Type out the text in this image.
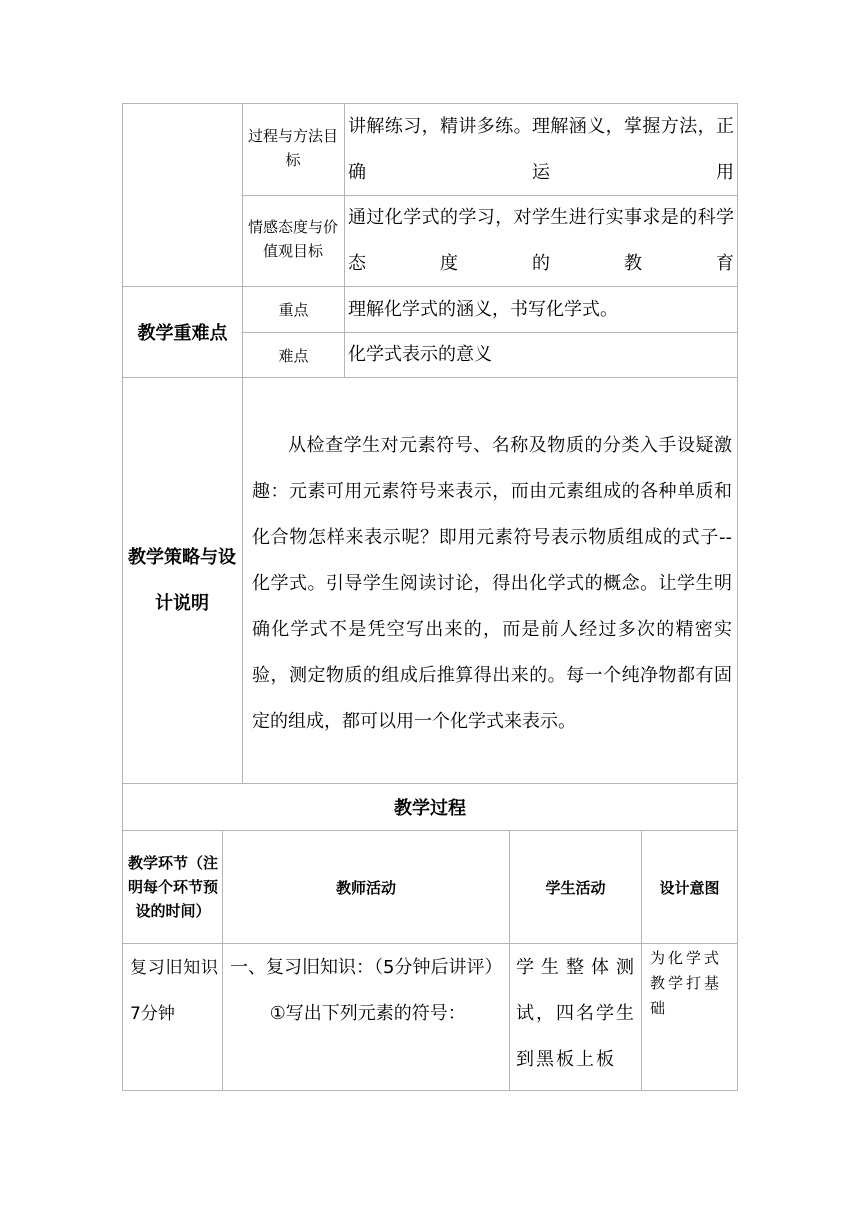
过程与方法目标
讲解练习，精讲多练。理解涵义，掌握方法，正确运用
情感态度与价值观目标
通过化学式的学习，对学生进行实事求是的科学态度的教育
教学重难点
重点 理解化学式的涵义，书写化学式。
难点 化学式表示的意义
教学策略与设计说明
从检查学生对元素符号、名称及物质的分类入手设疑激趣：元素可用元素符号来表示，而由元素组成的各种单质和化合物怎样来表示呢？即用元素符号表示物质组成的式子--化学式。引导学生阅读讨论，得出化学式的概念。让学生明确化学式不是凭空写出来的，而是前人经过多次的精密实验，测定物质的组成后推算得出来的。每一个纯净物都有固定的组成，都可以用一个化学式来表示。
教学过程
教学环节（注明每个环节预设的时间）
教师活动	学生活动	设计意图
复习旧知识7分钟
一、复习旧知识：（5分钟后讲评）
①写出下列元素的符号：
学生整体测试，四名学生到黑板上板
为化学式教学打基础
